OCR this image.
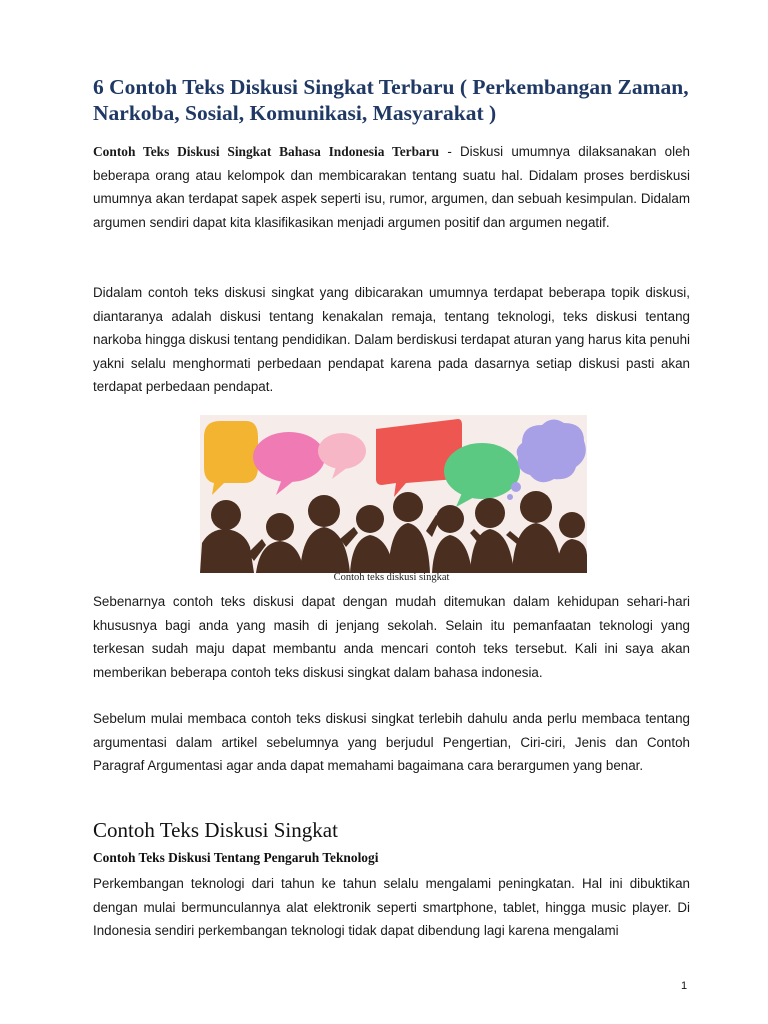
6 Contoh Teks Diskusi Singkat Terbaru ( Perkembangan Zaman, Narkoba, Sosial, Komunikasi, Masyarakat )

Contoh Teks Diskusi Singkat Bahasa Indonesia Terbaru - Diskusi umumnya dilaksanakan oleh beberapa orang atau kelompok dan membicarakan tentang suatu hal. Didalam proses berdiskusi umumnya akan terdapat sapek aspek seperti isu, rumor, argumen, dan sebuah kesimpulan. Didalam argumen sendiri dapat kita klasifikasikan menjadi argumen positif dan argumen negatif.

Didalam contoh teks diskusi singkat yang dibicarakan umumnya terdapat beberapa topik diskusi, diantaranya adalah diskusi tentang kenakalan remaja, tentang teknologi, teks diskusi tentang narkoba hingga diskusi tentang pendidikan. Dalam berdiskusi terdapat aturan yang harus kita penuhi yakni selalu menghormati perbedaan pendapat karena pada dasarnya setiap diskusi pasti akan terdapat perbedaan pendapat.

Contoh teks diskusi singkat

Sebenarnya contoh teks diskusi dapat dengan mudah ditemukan dalam kehidupan sehari-hari khususnya bagi anda yang masih di jenjang sekolah. Selain itu pemanfaatan teknologi yang terkesan sudah maju dapat membantu anda mencari contoh teks tersebut. Kali ini saya akan memberikan beberapa contoh teks diskusi singkat dalam bahasa indonesia.

Sebelum mulai membaca contoh teks diskusi singkat terlebih dahulu anda perlu membaca tentang argumentasi dalam artikel sebelumnya yang berjudul Pengertian, Ciri-ciri, Jenis dan Contoh Paragraf Argumentasi agar anda dapat memahami bagaimana cara berargumen yang benar.

Contoh Teks Diskusi Singkat
Contoh Teks Diskusi Tentang Pengaruh Teknologi

Perkembangan teknologi dari tahun ke tahun selalu mengalami peningkatan. Hal ini dibuktikan dengan mulai bermunculannya alat elektronik seperti smartphone, tablet, hingga music player. Di Indonesia sendiri perkembangan teknologi tidak dapat dibendung lagi karena mengalami

1
